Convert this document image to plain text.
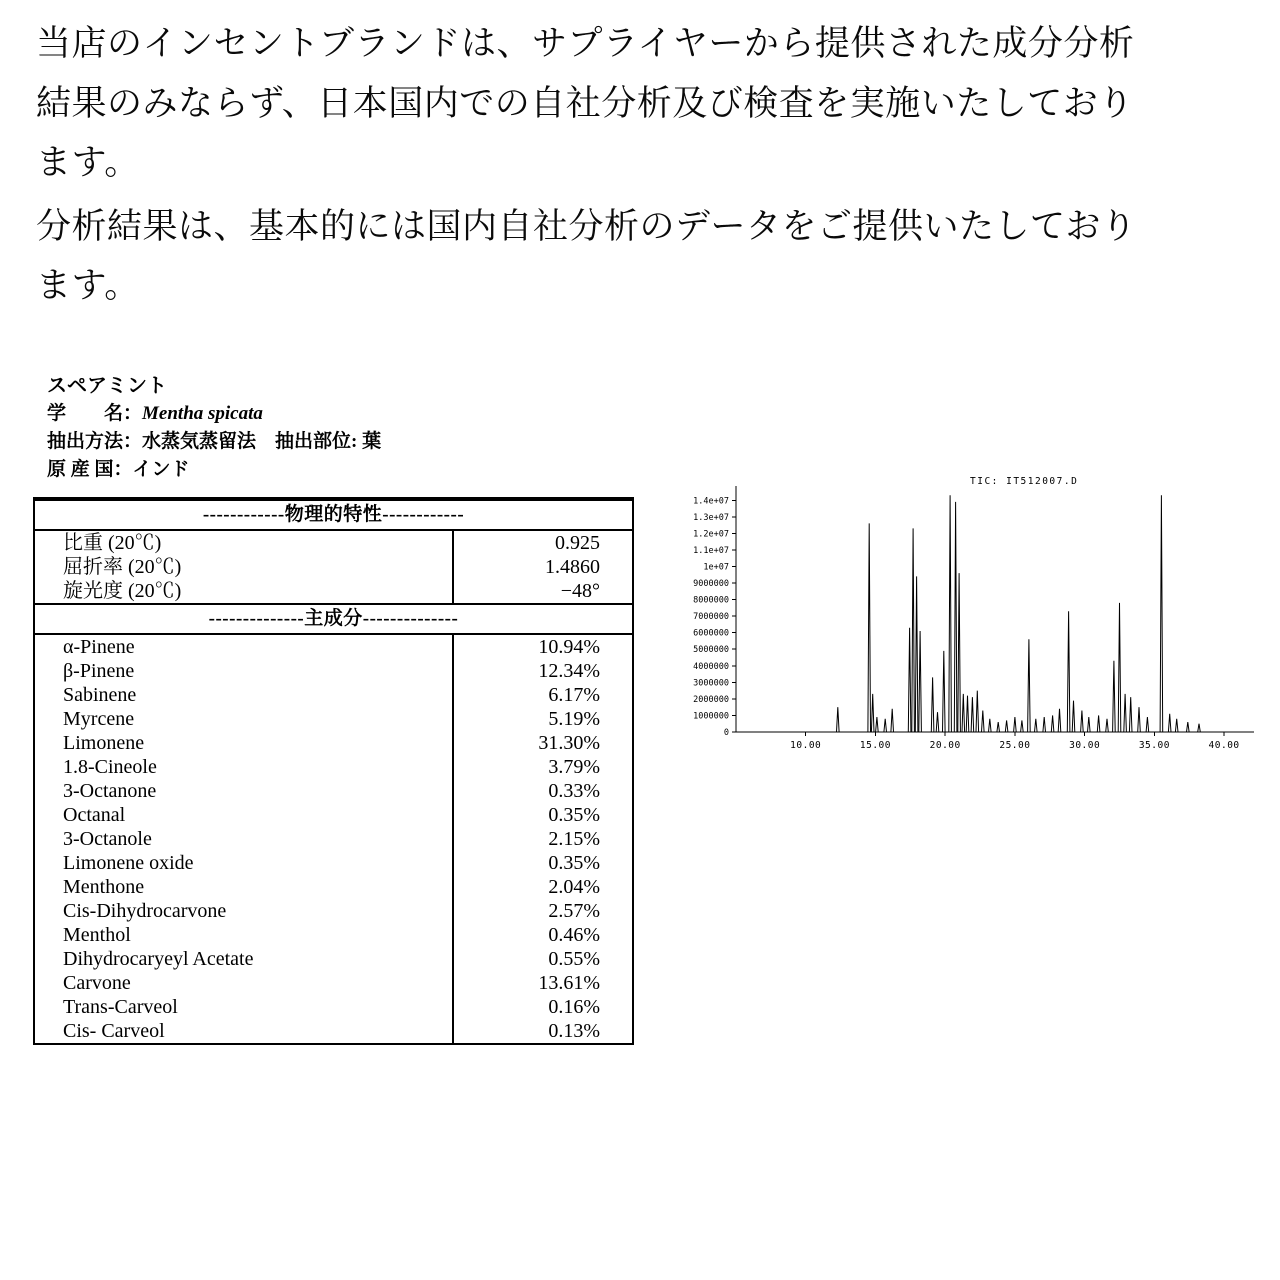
当店のインセントブランドは、サプライヤーから提供された成分分析結果のみならず、日本国内での自社分析及び検査を実施いたしております。

分析結果は、基本的には国内自社分析のデータをご提供いたしております。

スペアミント
学　　名：Mentha spicata
抽出方法：水蒸気蒸留法　抽出部位: 葉
原 産 国：インド
------------物理的特性------------	
比重 (20℃)	0.925
屈折率 (20℃)	1.4860
旋光度 (20℃)	−48°
--------------主成分--------------	
α-Pinene	10.94%
β-Pinene	12.34%
Sabinene	6.17%
Myrcene	5.19%
Limonene	31.30%
1.8-Cineole	3.79%
3-Octanone	0.33%
Octanal	0.35%
3-Octanole	2.15%
Limonene oxide	0.35%
Menthone	2.04%
Cis-Dihydrocarvone	2.57%
Menthol	0.46%
Dihydrocaryeyl Acetate	0.55%
Carvone	13.61%
Trans-Carveol	0.16%
Cis- Carveol	0.13%
1.4e+07
1.3e+07
1.2e+07
1.1e+07
1e+07
9000000
8000000
7000000
6000000
5000000
4000000
3000000
2000000
1000000
0
10.00	15.00	20.00	25.00	30.00	35.00	40.00
TIC: IT512007.D
